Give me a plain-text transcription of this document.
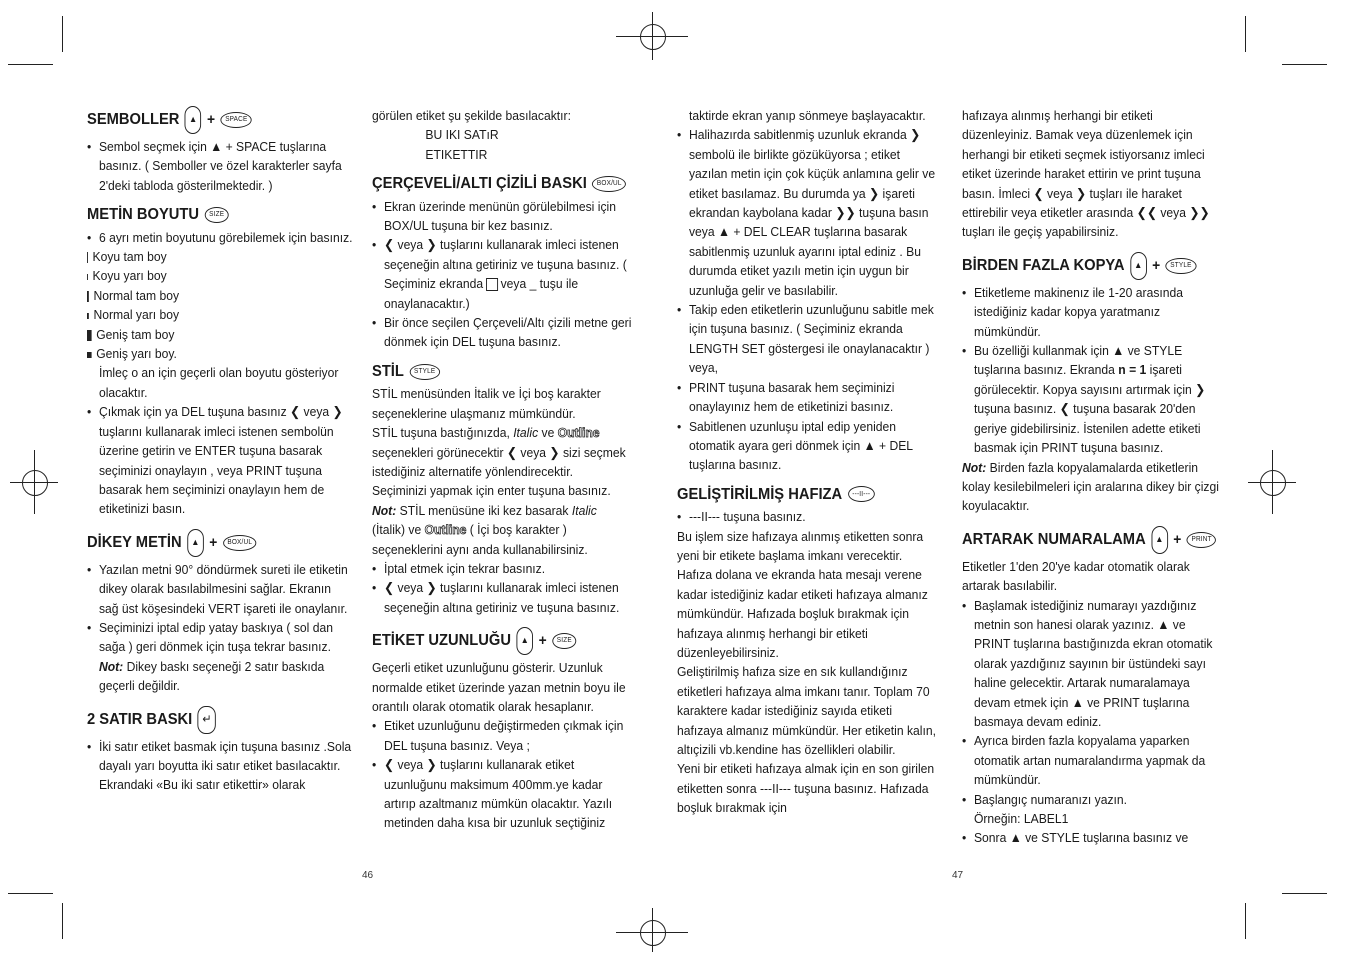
SEMBOLLER	▲ +	SPACE
• Sembol seçmek için ▲ + SPACE tuşlarına basınız. ( Semboller ve özel karakterler sayfa 2'deki tabloda gösterilmektedir. )
METİN BOYUTU	SIZE
• 6 ayrı metin boyutunu görebilemek için basınız.

Koyu tam boy

Koyu yarı boy

Normal tam boy

Normal yarı boy

Geniş tam boy

Geniş yarı boy.

İmleç o an için geçerli olan boyutu gösteriyor olacaktır.

• Çıkmak için ya DEL tuşuna basınız ❮ veya ❯ tuşlarını kullanarak imleci istenen sembolün üzerine getirin ve ENTER tuşuna basarak seçiminizi onaylayın , veya PRINT tuşuna basarak hem seçiminizi onaylayın hem de etiketinizi basın.
DİKEY METİN	▲ +	BOX/UL
• Yazılan metni 90° döndürmek sureti ile etiketin dikey olarak basılabilmesini sağlar. Ekranın sağ üst köşesindeki VERT işareti ile onaylanır.
• Seçiminizi iptal edip yatay baskıya ( sol dan sağa ) geri dönmek için tuşa tekrar basınız.

Not: Dikey baskı seçeneği 2 satır baskıda geçerli değildir.

2 SATIR BASKI ↵
• İki satır etiket basmak için tuşuna basınız .Sola dayalı yarı boyutta iki satır etiket basılacaktır.

Ekrandaki «Bu iki satır etikettir» olarak

görülen etiket şu şekilde basılacaktır:

BU IKI SATıR

ETIKETTIR

ÇERÇEVELİ/ALTI ÇİZİLİ BASKI	BOX/UL
• Ekran üzerinde menünün görülebilmesi için BOX/UL tuşuna bir kez basınız.
• ❮ veya ❯ tuşlarını kullanarak imleci istenen seçeneğin altına getiriniz ve tuşuna basınız. ( Seçiminiz ekranda veya _ tuşu ile onaylanacaktır.)
• Bir önce seçilen Çerçeveli/Altı çizili metne geri dönmek için DEL tuşuna basınız.
STİL	STYLE

STİL menüsünden İtalik ve İçi boş karakter seçeneklerine ulaşmanız mümkündür.

STİL tuşuna bastığınızda, Italic ve Outline seçenekleri görünecektir ❮ veya ❯ sizi seçmek istediğiniz alternatife yönlendirecektir.

Seçiminizi yapmak için enter tuşuna basınız.

Not: STİL menüsüne iki kez basarak Italic (İtalik) ve Outline ( İçi boş karakter ) seçeneklerini aynı anda kullanabilirsiniz.

• İptal etmek için tekrar basınız.
• ❮ veya ❯ tuşlarını kullanarak imleci istenen seçeneğin altına getiriniz ve tuşuna basınız.
ETİKET UZUNLUĞU	▲ +	SIZE

Geçerli etiket uzunluğunu gösterir. Uzunluk normalde etiket üzerinde yazan metnin boyu ile orantılı olarak otomatik olarak hesaplanır.

• Etiket uzunluğunu değiştirmeden çıkmak için DEL tuşuna basınız. Veya ;
• ❮ veya ❯ tuşlarını kullanarak etiket uzunluğunu maksimum 400mm.ye kadar artırıp azaltmanız mümkün olacaktır. Yazılı metinden daha kısa bir uzunluk seçtiğiniz

taktirde ekran yanıp sönmeye başlayacaktır.

• Halihazırda sabitlenmiş uzunluk ekranda ❯ sembolü ile birlikte gözüküyorsa ; etiket yazılan metin için çok küçük anlamına gelir ve etiket basılamaz. Bu durumda ya ❯ işareti ekrandan kaybolana kadar ❯❯ tuşuna basın veya ▲ + DEL CLEAR tuşlarına basarak sabitlenmiş uzunluk ayarını iptal ediniz . Bu durumda etiket yazılı metin için uygun bir uzunluğa gelir ve basılabilir.
• Takip eden etiketlerin uzunluğunu sabitle mek için tuşuna basınız. ( Seçiminiz ekranda LENGTH SET göstergesi ile onaylanacaktır ) veya,
• PRINT tuşuna basarak hem seçiminizi onaylayınız hem de etiketinizi basınız.
• Sabitlenen uzunluşu iptal edip yeniden otomatik ayara geri dönmek için ▲ + DEL tuşlarına basınız.
GELİŞTİRİLMİŞ HAFIZA	---II---
• ---II--- tuşuna basınız.

Bu işlem size hafızaya alınmış etiketten sonra yeni bir etikete başlama imkanı verecektir. Hafıza dolana ve ekranda hata mesajı verene kadar istediğiniz kadar etiketi hafızaya almanız mümkündür. Hafızada boşluk bırakmak için hafızaya alınmış herhangi bir etiketi düzenleyebilirsiniz.

Geliştirilmiş hafıza size en sık kullandığınız etiketleri hafızaya alma imkanı tanır. Toplam 70 karaktere kadar istediğiniz sayıda etiketi hafızaya almanız mümkündür. Her etiketin kalın, altıçizili vb.kendine has özellikleri olabilir.

Yeni bir etiketi hafızaya almak için en son girilen etiketten sonra ---II--- tuşuna basınız. Hafızada boşluk bırakmak için

hafızaya alınmış herhangi bir etiketi düzenleyiniz. Bamak veya düzenlemek için herhangi bir etiketi seçmek istiyorsanız imleci etiket üzerinde haraket ettirin ve print tuşuna basın. İmleci ❮ veya ❯ tuşları ile haraket ettirebilir veya etiketler arasında ❮❮ veya ❯❯ tuşları ile geçiş yapabilirsiniz.

BİRDEN FAZLA KOPYA	▲ +	STYLE
• Etiketleme makinenız ile 1-20 arasında istediğiniz kadar kopya yaratmanız mümkündür.
• Bu özelliği kullanmak için ▲ ve STYLE tuşlarına basınız. Ekranda n = 1 işareti görülecektir. Kopya sayısını artırmak için ❯ tuşuna basınız. ❮ tuşuna basarak 20'den geriye gidebilirsiniz. İstenilen adette etiketi basmak için PRINT tuşuna basınız.

Not: Birden fazla kopyalamalarda etiketlerin kolay kesilebilmeleri için aralarına dikey bir çizgi koyulacaktır.

ARTARAK NUMARALAMA	▲ +	PRINT

Etiketler 1'den 20'ye kadar otomatik olarak artarak basılabilir.

• Başlamak istediğiniz numarayı yazdığınız metnin son hanesi olarak yazınız. ▲ ve PRINT tuşlarına bastığınızda ekran otomatik olarak yazdığınız sayının bir üstündeki sayı haline gelecektir. Artarak numaralamaya devam etmek için ▲ ve PRINT tuşlarına basmaya devam ediniz.
• Ayrıca birden fazla kopyalama yaparken otomatik artan numaralandırma yapmak da mümkündür.
• Başlangıç numaranızı yazın.
Örneğin: LABEL1
• Sonra ▲ ve STYLE tuşlarına basınız ve
46	47
